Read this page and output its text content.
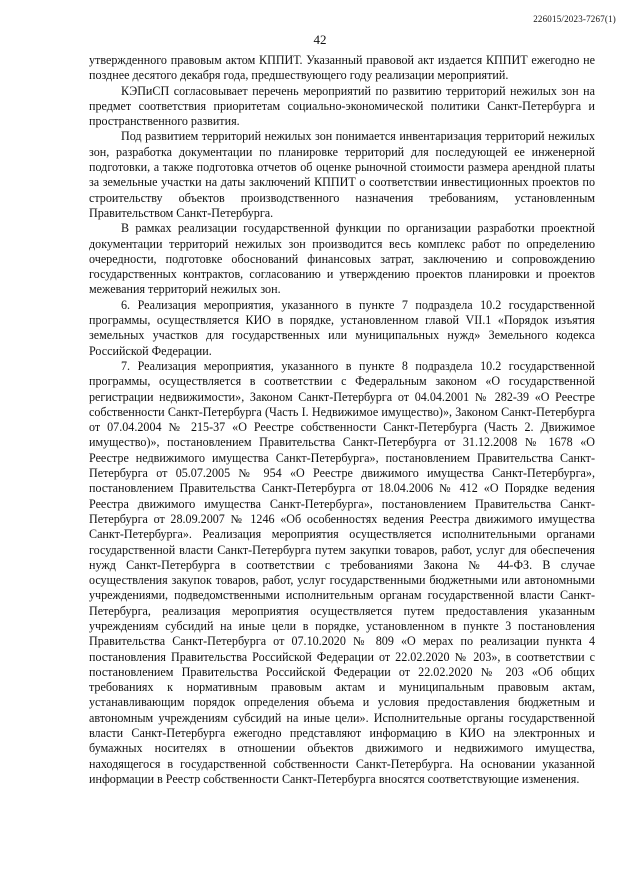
226015/2023-7267(1)
42

утвержденного правовым актом КППИТ. Указанный правовой акт издается КППИТ ежегодно не позднее десятого декабря года, предшествующего году реализации мероприятий.

КЭПиСП согласовывает перечень мероприятий по развитию территорий нежилых зон на предмет соответствия приоритетам социально-экономической политики Санкт-Петербурга и пространственного развития.

Под развитием территорий нежилых зон понимается инвентаризация территорий нежилых зон, разработка документации по планировке территорий для последующей ее инженерной подготовки, а также подготовка отчетов об оценке рыночной стоимости размера арендной платы за земельные участки на даты заключений КППИТ о соответствии инвестиционных проектов по строительству объектов производственного назначения требованиям, установленным Правительством Санкт-Петербурга.

В рамках реализации государственной функции по организации разработки проектной документации территорий нежилых зон производится весь комплекс работ по определению очередности, подготовке обоснований финансовых затрат, заключению и сопровождению государственных контрактов, согласованию и утверждению проектов планировки и проектов межевания территорий нежилых зон.

6. Реализация мероприятия, указанного в пункте 7 подраздела 10.2 государственной программы, осуществляется КИО в порядке, установленном главой VII.1 «Порядок изъятия земельных участков для государственных или муниципальных нужд» Земельного кодекса Российской Федерации.

7. Реализация мероприятия, указанного в пункте 8 подраздела 10.2 государственной программы, осуществляется в соответствии с Федеральным законом «О государственной регистрации недвижимости», Законом Санкт-Петербурга от 04.04.2001 № 282-39 «О Реестре собственности Санкт-Петербурга (Часть I. Недвижимое имущество)», Законом Санкт-Петербурга от 07.04.2004 № 215-37 «О Реестре собственности Санкт-Петербурга (Часть 2. Движимое имущество)», постановлением Правительства Санкт-Петербурга от 31.12.2008 № 1678 «О Реестре недвижимого имущества Санкт-Петербурга», постановлением Правительства Санкт-Петербурга от 05.07.2005 № 954 «О Реестре движимого имущества Санкт-Петербурга», постановлением Правительства Санкт-Петербурга от 18.04.2006 № 412 «О Порядке ведения Реестра движимого имущества Санкт-Петербурга», постановлением Правительства Санкт-Петербурга от 28.09.2007 № 1246 «Об особенностях ведения Реестра движимого имущества Санкт-Петербурга». Реализация мероприятия осуществляется исполнительными органами государственной власти Санкт-Петербурга путем закупки товаров, работ, услуг для обеспечения нужд Санкт-Петербурга в соответствии с требованиями Закона № 44-ФЗ. В случае осуществления закупок товаров, работ, услуг государственными бюджетными или автономными учреждениями, подведомственными исполнительным органам государственной власти Санкт-Петербурга, реализация мероприятия осуществляется путем предоставления указанным учреждениям субсидий на иные цели в порядке, установленном в пункте 3 постановления Правительства Санкт-Петербурга от 07.10.2020 № 809 «О мерах по реализации пункта 4 постановления Правительства Российской Федерации от 22.02.2020 № 203», в соответствии с постановлением Правительства Российской Федерации от 22.02.2020 № 203 «Об общих требованиях к нормативным правовым актам и муниципальным правовым актам, устанавливающим порядок определения объема и условия предоставления бюджетным и автономным учреждениям субсидий на иные цели». Исполнительные органы государственной власти Санкт-Петербурга ежегодно представляют информацию в КИО на электронных и бумажных носителях в отношении объектов движимого и недвижимого имущества, находящегося в государственной собственности Санкт-Петербурга. На основании указанной информации в Реестр собственности Санкт-Петербурга вносятся соответствующие изменения.
